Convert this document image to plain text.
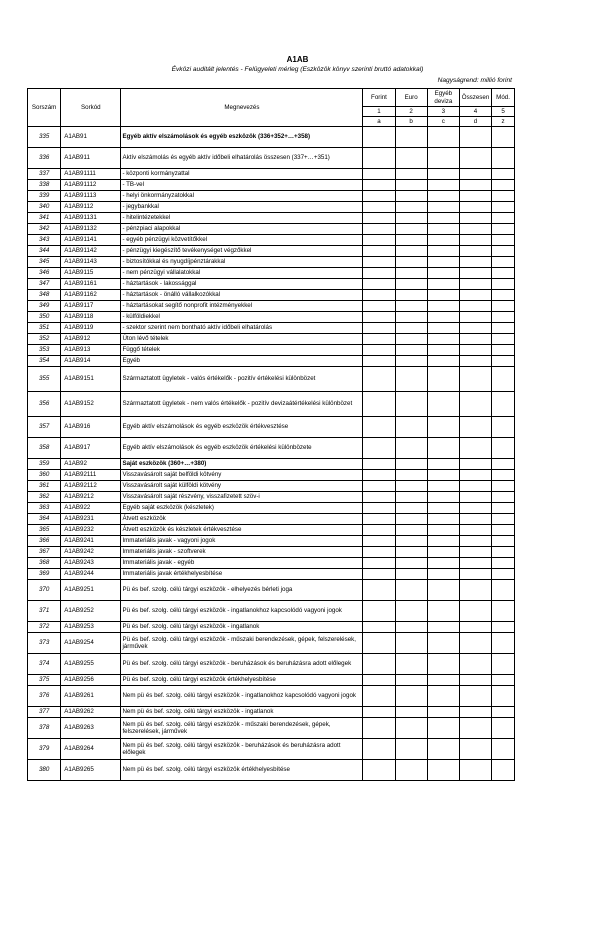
A1AB
Évközi auditált jelentés - Felügyeleti mérleg (Eszközök könyv szerinti bruttó adatokkal)
Nagyságrend: millió forint
Sorszám	Sorkód	Megnevezés	Forint	Euro	Egyéb deviza	Összesen	Mód.
			1	2	3	4	5
			a	b	c	d	z
335	A1AB91	Egyéb aktív elszámolások és egyéb eszközök (336+352+…+358)					
336	A1AB911	Aktív elszámolás és egyéb aktív időbeli elhatárolás összesen (337+…+351)					
337	A1AB91111	- központi kormányzattal					
338	A1AB91112	- TB-vel					
339	A1AB91113	- helyi önkormányzatokkal					
340	A1AB9112	- jegybankkal					
341	A1AB91131	- hitelintézetekkel					
342	A1AB91132	- pénzpiaci alapokkal					
343	A1AB91141	- egyéb pénzügyi közvetítőkkel					
344	A1AB91142	- pénzügyi kiegészítő tevékenységet végzőkkel					
345	A1AB91143	- biztosítókkal és nyugdíjpénztárakkal					
346	A1AB9115	- nem pénzügyi vállalatokkal					
347	A1AB91161	- háztartások - lakossággal					
348	A1AB91162	- háztartások - önálló vállalkozókkal					
349	A1AB9117	- háztartásokat segítő nonprofit intézményekkel					
350	A1AB9118	- külföldiekkel					
351	A1AB9119	- szektor szerint nem bontható aktív időbeli elhatárolás					
352	A1AB912	Úton lévő tételek					
353	A1AB913	Függő tételek					
354	A1AB914	Egyéb					
355	A1AB9151	Származtatott ügyletek - valós értékelők - pozitív értékelési különbözet					
356	A1AB9152	Származtatott ügyletek - nem valós értékelők - pozitív devizaátértékelési különbözet					
357	A1AB916	Egyéb aktív elszámolások és egyéb eszközök értékvesztése					
358	A1AB917	Egyéb aktív elszámolások és egyéb eszközök értékelési különbözete					
359	A1AB92	Saját eszközök (360+…+380)					
360	A1AB92111	Visszavásárolt saját belföldi kötvény					
361	A1AB92112	Visszavásárolt saját külföldi kötvény					
362	A1AB9212	Visszavásárolt saját részvény, visszafizetett szöv-i					
363	A1AB922	Egyéb saját eszközök (készletek)					
364	A1AB9231	Átvett eszközök					
365	A1AB9232	Átvett eszközök és készletek értékvesztése					
366	A1AB9241	Immateriális javak - vagyoni jogok					
367	A1AB9242	Immateriális javak - szoftverek					
368	A1AB9243	Immateriális javak - egyéb					
369	A1AB9244	Immateriális javak értékhelyesbítése					
370	A1AB9251	Pü és bef. szolg. célú tárgyi eszközök - elhelyezés bérleti joga					
371	A1AB9252	Pü és bef. szolg. célú tárgyi eszközök - ingatlanokhoz kapcsolódó vagyoni jogok					
372	A1AB9253	Pü és bef. szolg. célú tárgyi eszközök - ingatlanok					
373	A1AB9254	Pü és bef. szolg. célú tárgyi eszközök - műszaki berendezések, gépek, felszerelések, járművek					
374	A1AB9255	Pü és bef. szolg. célú tárgyi eszközök - beruházások és beruházásra adott előlegek					
375	A1AB9256	Pü és bef. szolg. célú tárgyi eszközök értékhelyesbítése					
376	A1AB9261	Nem pü és bef. szolg. célú tárgyi eszközök - ingatlanokhoz kapcsolódó vagyoni jogok					
377	A1AB9262	Nem pü és bef. szolg. célú tárgyi eszközök - ingatlanok					
378	A1AB9263	Nem pü és bef. szolg. célú tárgyi eszközök - műszaki berendezések, gépek, felszerelések, járművek					
379	A1AB9264	Nem pü és bef. szolg. célú tárgyi eszközök - beruházások és beruházásra adott előlegek					
380	A1AB9265	Nem pü és bef. szolg. célú tárgyi eszközök értékhelyesbítése					
